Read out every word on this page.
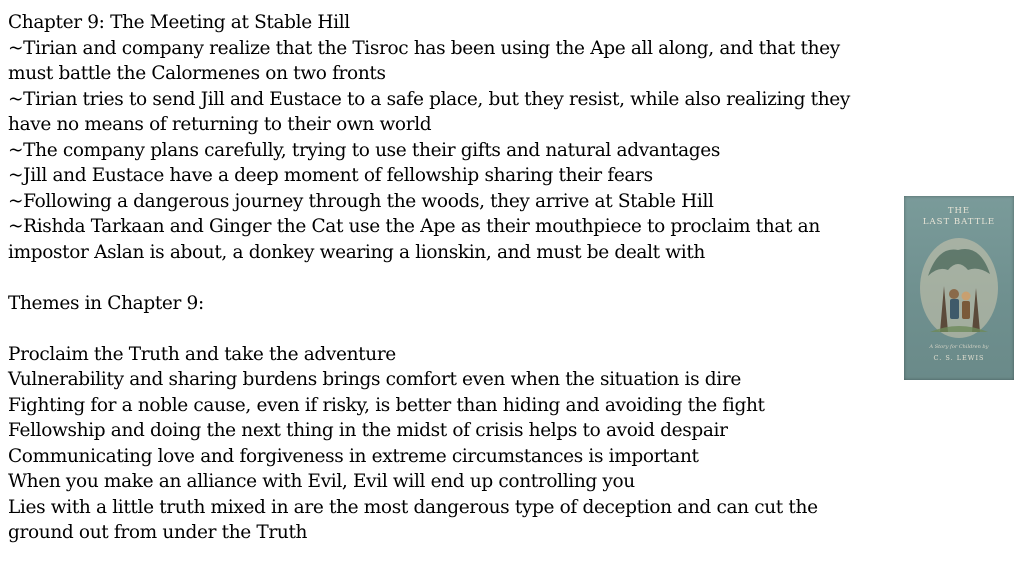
Chapter 9: The Meeting at Stable Hill

~Tirian and company realize that the Tisroc has been using the Ape all along, and that they

must battle the Calormenes on two fronts

~Tirian tries to send Jill and Eustace to a safe place, but they resist, while also realizing they

have no means of returning to their own world

~The company plans carefully, trying to use their gifts and natural advantages

~Jill and Eustace have a deep moment of fellowship sharing their fears

~Following a dangerous journey through the woods, they arrive at Stable Hill

~Rishda Tarkaan and Ginger the Cat use the Ape as their mouthpiece to proclaim that an

impostor Aslan is about, a donkey wearing a lionskin, and must be dealt with

Themes in Chapter 9:

Proclaim the Truth and take the adventure

Vulnerability and sharing burdens brings comfort even when the situation is dire

Fighting for a noble cause, even if risky, is better than hiding and avoiding the fight

Fellowship and doing the next thing in the midst of crisis helps to avoid despair

Communicating love and forgiveness in extreme circumstances is important

When you make an alliance with Evil, Evil will end up controlling you

Lies with a little truth mixed in are the most dangerous type of deception and can cut the

ground out from under the Truth

THE
LAST BATTLE
A Story for Children by
C. S. LEWIS
